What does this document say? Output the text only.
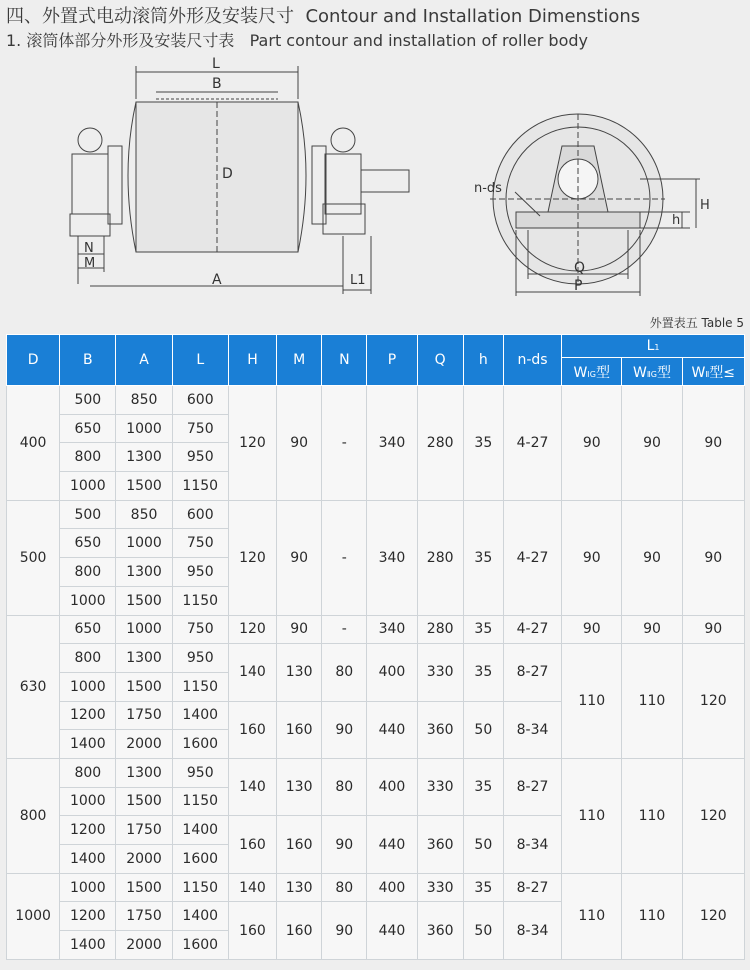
四、外置式电动滚筒外形及安装尺寸 Contour and Installation Dimenstions
1. 滚筒体部分外形及安装尺寸表 Part contour and installation of roller body
L
B
D
N
M
A	L1
n-ds
Q
P
h
H
外置表五 Table 5
D	B	A	L	H	M	N	P	Q	h	n-ds	L1		
											WⅠG型	WⅡG型	WⅡ型≤
400	500	850	600	120	90	-	340	280	35	4-27	90	90	90
	650	1000	750										
	800	1300	950										
	1000	1500	1150										
500	500	850	600	120	90	-	340	280	35	4-27	90	90	90
	650	1000	750										
	800	1300	950										
	1000	1500	1150										
630	650	1000	750	120	90	-	340	280	35	4-27	90	90	90
	800	1300	950	140	130	80	400	330	35	8-27	110	110	120
	1000	1500	1150										
	1200	1750	1400	160	160	90	440	360	50	8-34			
	1400	2000	1600										
800	800	1300	950	140	130	80	400	330	35	8-27	110	110	120
	1000	1500	1150										
	1200	1750	1400	160	160	90	440	360	50	8-34			
	1400	2000	1600										
1000	1000	1500	1150	140	130	80	400	330	35	8-27	110	110	120
	1200	1750	1400	160	160	90	440	360	50	8-34			
	1400	2000	1600										
